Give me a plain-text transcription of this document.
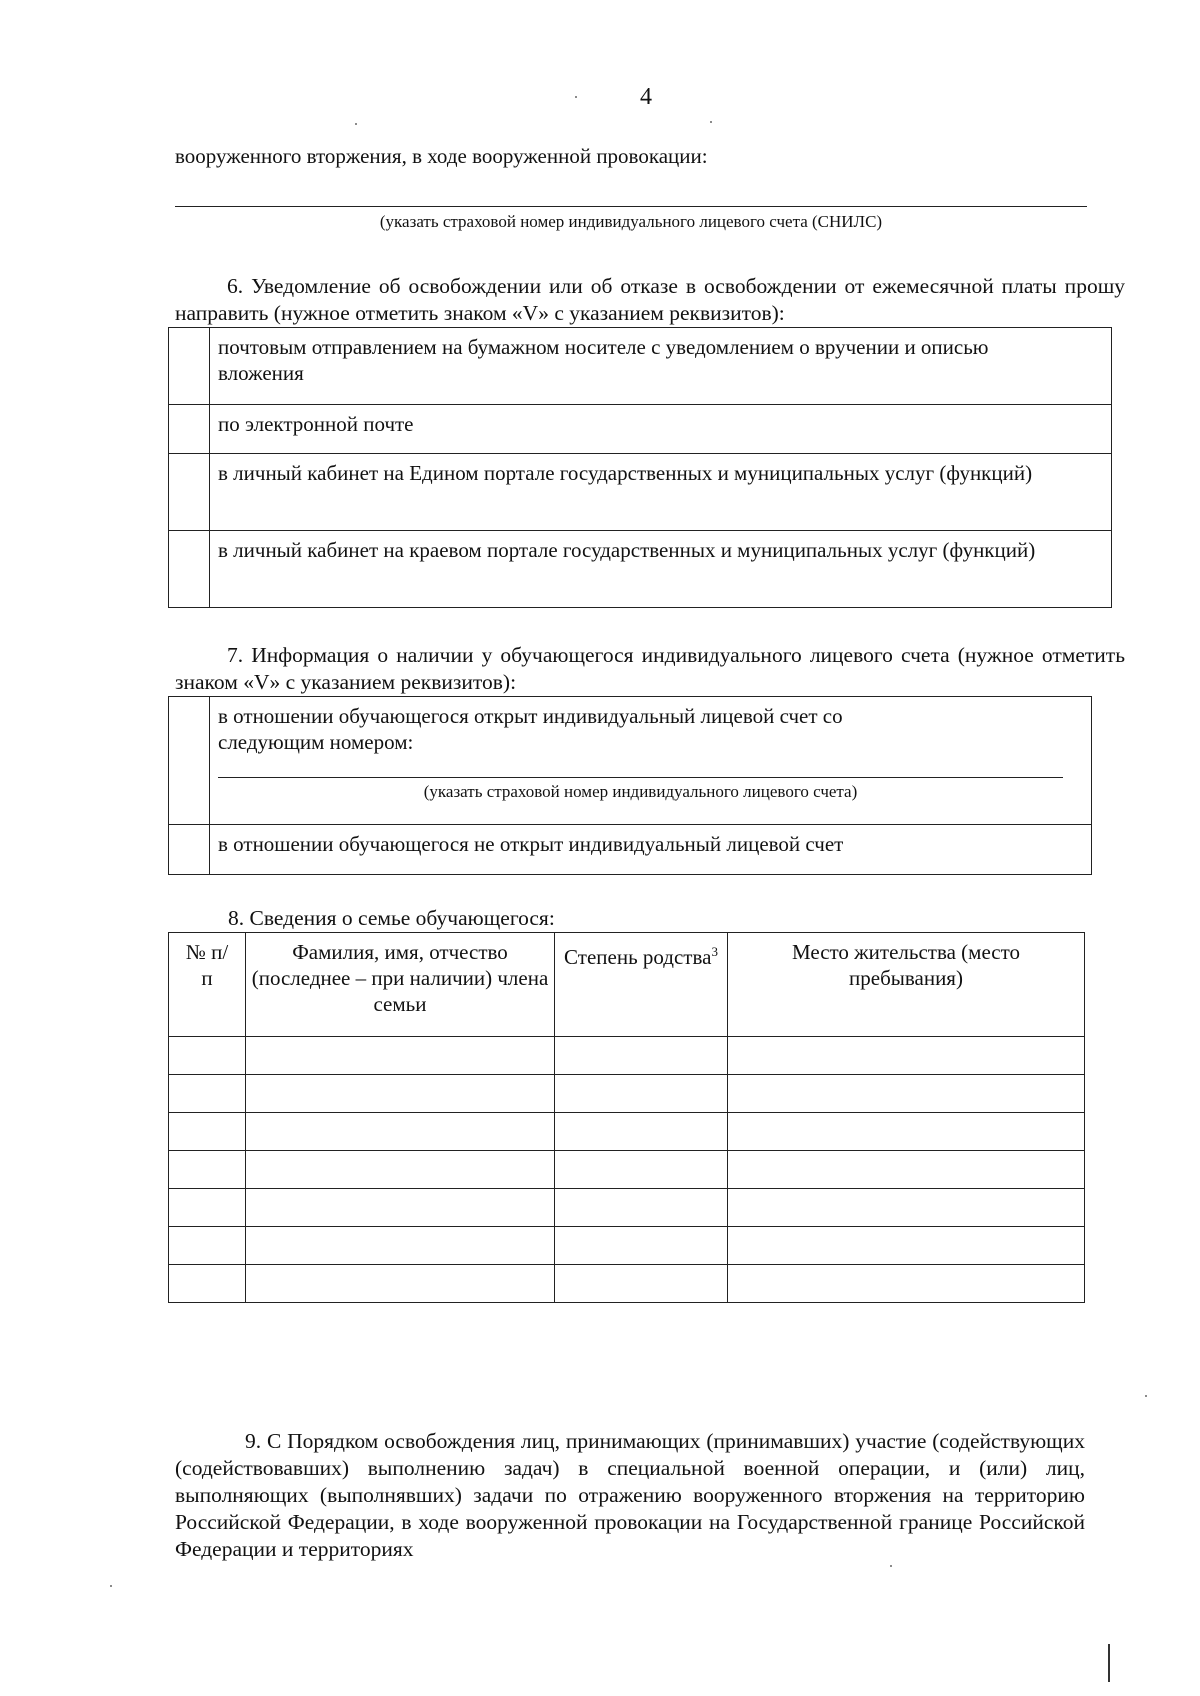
4
вооруженного вторжения, в ходе вооруженной провокации:
(указать страховой номер индивидуального лицевого счета (СНИЛС)
6. Уведомление об освобождении или об отказе в освобождении от ежемесячной платы прошу направить (нужное отметить знаком «V» с указанием реквизитов):
	почтовым отправлением на бумажном носителе с уведомлением о вручении и описью вложения
	по электронной почте
	в личный кабинет на Едином портале государственных и муниципальных услуг (функций)
	в личный кабинет на краевом портале государственных и муниципальных услуг (функций)
7. Информация о наличии у обучающегося индивидуального лицевого счета (нужное отметить знаком «V» с указанием реквизитов):

	в отношении обучающегося открыт индивидуальный лицевой счет со следующим номером:
(указать страховой номер индивидуального лицевого счета)

	в отношении обучающегося не открыт индивидуальный лицевой счет
8. Сведения о семье обучающегося:
№ п/п	Фамилия, имя, отчество (последнее – при наличии) члена семьи	Степень родства$^3$	Место жительства (место пребывания)

9. С Порядком освобождения лиц, принимающих (принимавших) участие (содействующих (содействовавших) выполнению задач) в специальной военной операции, и (или) лиц, выполняющих (выполнявших) задачи по отражению вооруженного вторжения на территорию Российской Федерации, в ходе вооруженной провокации на Государственной границе Российской Федерации и территориях
